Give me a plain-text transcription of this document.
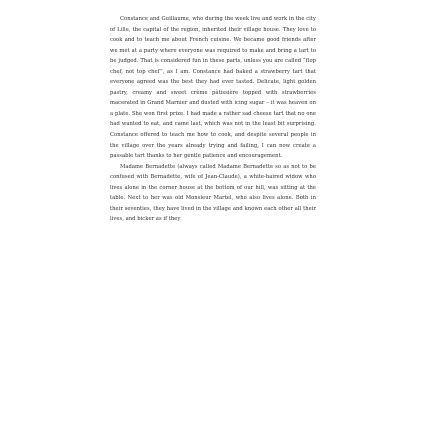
Constance and Guillaume, who during the week live and work in the city of Lille, the capital of the region, inherited their village house. They love to cook and to teach me about French cuisine. We became good friends after we met at a party where everyone was required to make and bring a tart to be judged. That is considered fun in these parts, unless you are called “flop chef, not top chef”, as I am. Constance had baked a strawberry tart that everyone agreed was the best they had ever tasted. Delicate, light golden pastry, creamy and sweet crème pâtissière topped with strawberries macerated in Grand Marnier and dusted with icing sugar – it was heaven on a plate. She won first prize. I had made a rather sad cheese tart that no one had wanted to eat, and came last, which was not in the least bit surprising. Constance offered to teach me how to cook, and despite several people in the village over the years already trying and failing, I can now create a passable tart thanks to her gentle patience and encouragement.

Madame Bernadette (always called Madame Bernadette so as not to be confused with Bernadette, wife of Jean-Claude), a white-haired widow who lives alone in the corner house at the bottom of our hill, was sitting at the table. Next to her was old Monsieur Martel, who also lives alone. Both in their seventies, they have lived in the village and known each other all their lives, and bicker as if they
